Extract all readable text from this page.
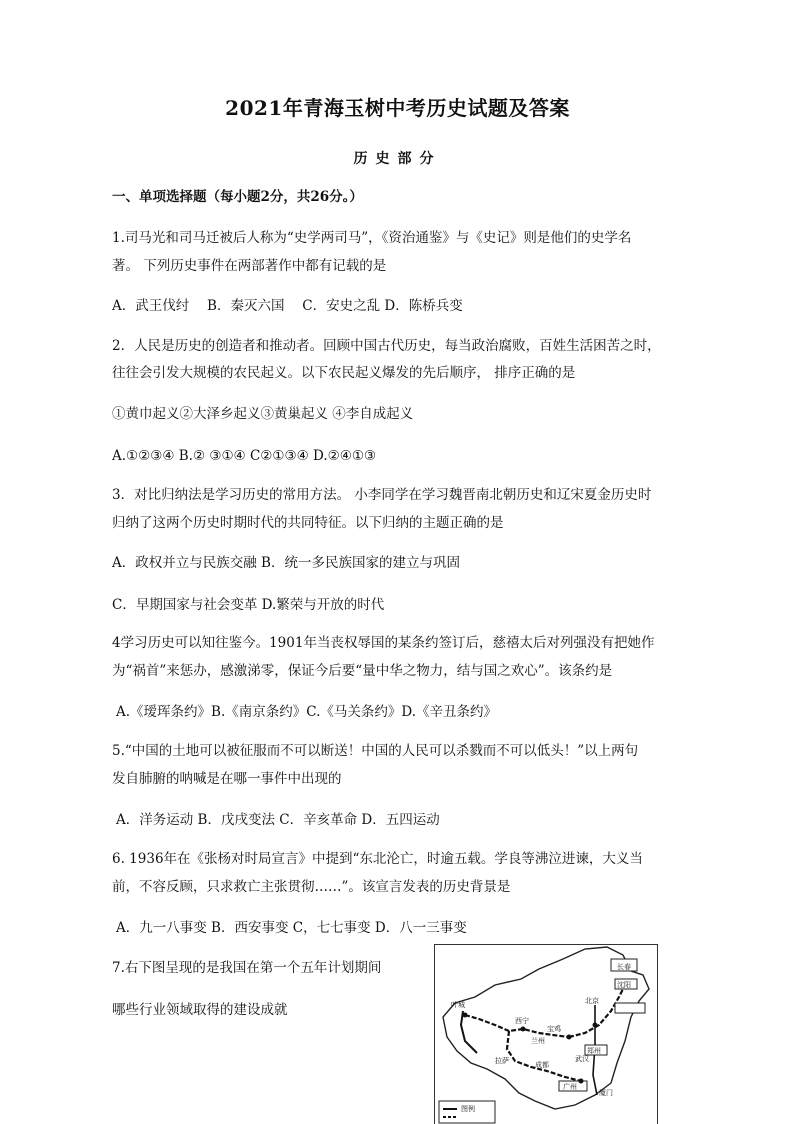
2021年青海玉树中考历史试题及答案
历史部分
一、单项选择题（每小题2分，共26分。）
1.司马光和司马迁被后人称为“史学两司马”，《资治通鉴》与《史记》则是他们的史学名
著。 下列历史事件在两部著作中都有记载的是
A．武王伐纣　 B．秦灭六国　 C．安史之乱 D．陈桥兵变
2．人民是历史的创造者和推动者。回顾中国古代历史，每当政治腐败，百姓生活困苦之时，
往往会引发大规模的农民起义。以下农民起义爆发的先后顺序， 排序正确的是
①黄巾起义②大泽乡起义③黄巢起义 ④李自成起义
A.①②③④ B.② ③①④ C②①③④ D.②④①③
3．对比归纳法是学习历史的常用方法。 小李同学在学习魏晋南北朝历史和辽宋夏金历史时
归纳了这两个历史时期时代的共同特征。以下归纳的主题正确的是
A．政权并立与民族交融 B．统一多民族国家的建立与巩固
C．早期国家与社会变革 D.繁荣与开放的时代
4学习历史可以知往鉴今。1901年当丧权辱国的某条约签订后，慈禧太后对列强没有把她作
为“祸首”来惩办，感激涕零，保证今后要“量中华之物力，结与国之欢心”。该条约是
A.《瑷珲条约》B.《南京条约》C.《马关条约》D.《辛丑条约》
5.“中国的土地可以被征服而不可以断送！中国的人民可以杀戮而不可以低头！”以上两句
发自肺腑的呐喊是在哪一事件中出现的
A．洋务运动 B．戊戌变法 C．辛亥革命 D．五四运动
6. 1936年在《张杨对时局宣言》中提到“东北沦亡，时逾五载。学良等沸泣进谏，大义当
前，不容反顾，只求救亡主张贯彻……”。该宣言发表的历史背景是
A．九一八事变 B．西安事变 C，七七事变 D．八一三事变
7.右下图呈现的是我国在第一个五年计划期间
哪些行业领域取得的建设成就	叶城
西宁
兰州
宝鸡
拉萨	成都
武汉
长春
沈阳
北京
郑州
广州
厦门
图例
